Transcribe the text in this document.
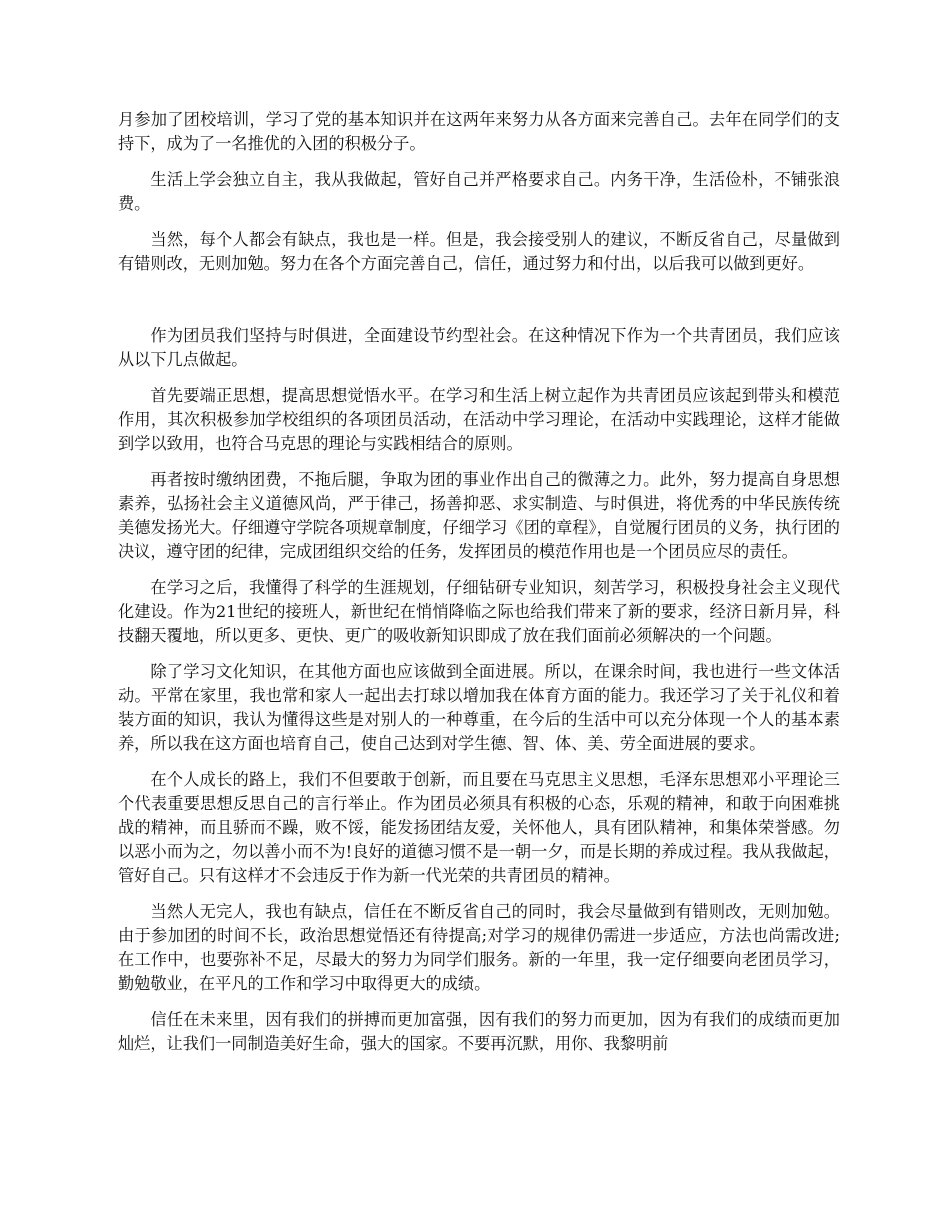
月参加了团校培训，学习了党的基本知识并在这两年来努力从各方面来完善自己。去年在同学们的支持下，成为了一名推优的入团的积极分子。

生活上学会独立自主，我从我做起，管好自己并严格要求自己。内务干净，生活俭朴，不铺张浪费。

当然，每个人都会有缺点，我也是一样。但是，我会接受别人的建议，不断反省自己，尽量做到有错则改，无则加勉。努力在各个方面完善自己，信任，通过努力和付出，以后我可以做到更好。

作为团员我们坚持与时俱进，全面建设节约型社会。在这种情况下作为一个共青团员，我们应该从以下几点做起。

首先要端正思想，提高思想觉悟水平。在学习和生活上树立起作为共青团员应该起到带头和模范作用，其次积极参加学校组织的各项团员活动，在活动中学习理论，在活动中实践理论，这样才能做到学以致用，也符合马克思的理论与实践相结合的原则。

再者按时缴纳团费，不拖后腿，争取为团的事业作出自己的微薄之力。此外，努力提高自身思想素养，弘扬社会主义道德风尚，严于律己，扬善抑恶、求实制造、与时俱进，将优秀的中华民族传统美德发扬光大。仔细遵守学院各项规章制度，仔细学习《团的章程》，自觉履行团员的义务，执行团的决议，遵守团的纪律，完成团组织交给的任务，发挥团员的模范作用也是一个团员应尽的责任。

在学习之后，我懂得了科学的生涯规划，仔细钻研专业知识，刻苦学习，积极投身社会主义现代化建设。作为21世纪的接班人，新世纪在悄悄降临之际也给我们带来了新的要求，经济日新月异，科技翻天覆地，所以更多、更快、更广的吸收新知识即成了放在我们面前必须解决的一个问题。

除了学习文化知识，在其他方面也应该做到全面进展。所以，在课余时间，我也进行一些文体活动。平常在家里，我也常和家人一起出去打球以增加我在体育方面的能力。我还学习了关于礼仪和着装方面的知识，我认为懂得这些是对别人的一种尊重，在今后的生活中可以充分体现一个人的基本素养，所以我在这方面也培育自己，使自己达到对学生德、智、体、美、劳全面进展的要求。

在个人成长的路上，我们不但要敢于创新，而且要在马克思主义思想，毛泽东思想邓小平理论三个代表重要思想反思自己的言行举止。作为团员必须具有积极的心态，乐观的精神，和敢于向困难挑战的精神，而且骄而不躁，败不馁，能发扬团结友爱，关怀他人，具有团队精神，和集体荣誉感。勿以恶小而为之，勿以善小而不为!良好的道德习惯不是一朝一夕，而是长期的养成过程。我从我做起，管好自己。只有这样才不会违反于作为新一代光荣的共青团员的精神。

当然人无完人，我也有缺点，信任在不断反省自己的同时，我会尽量做到有错则改，无则加勉。由于参加团的时间不长，政治思想觉悟还有待提高;对学习的规律仍需进一步适应，方法也尚需改进;在工作中，也要弥补不足，尽最大的努力为同学们服务。新的一年里，我一定仔细要向老团员学习，勤勉敬业，在平凡的工作和学习中取得更大的成绩。

信任在未来里，因有我们的拼搏而更加富强，因有我们的努力而更加，因为有我们的成绩而更加灿烂，让我们一同制造美好生命，强大的国家。不要再沉默，用你、我黎明前
